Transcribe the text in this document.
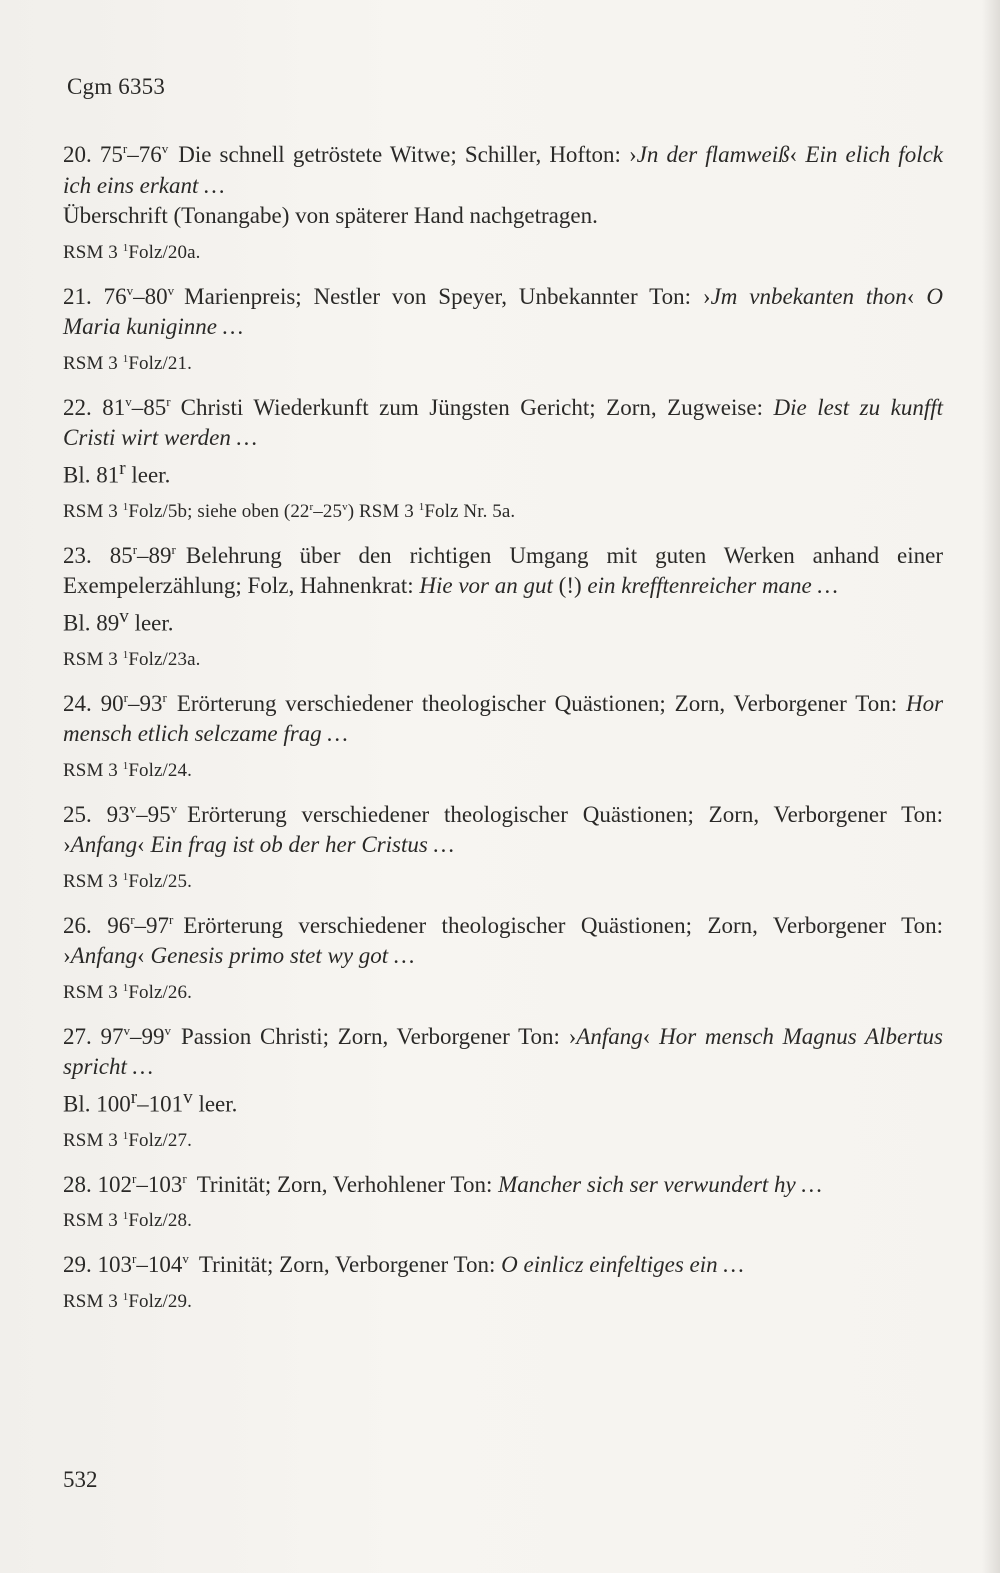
Cgm 6353
20. 75$^r$–76$^v$ Die schnell getröstete Witwe; Schiller, Hofton: ›Jn der flamweiß‹ Ein elich folck ich eins erkant …
Überschrift (Tonangabe) von späterer Hand nachgetragen.
RSM 3 $^1$Folz/20a.
21. 76$^v$–80$^v$ Marienpreis; Nestler von Speyer, Unbekannter Ton: ›Jm vnbekanten thon‹ O Maria kuniginne …
RSM 3 $^1$Folz/21.
22. 81$^v$–85$^r$ Christi Wiederkunft zum Jüngsten Gericht; Zorn, Zugweise: Die lest zu kunfft Cristi wirt werden …
Bl. 81$^r$ leer.
RSM 3 $^1$Folz/5b; siehe oben (22$^r$–25$^v$) RSM 3 $^1$Folz Nr. 5a.
23. 85$^r$–89$^r$ Belehrung über den richtigen Umgang mit guten Werken anhand einer Exempelerzählung; Folz, Hahnenkrat: Hie vor an gut (!) ein krefftenreicher mane …
Bl. 89$^v$ leer.
RSM 3 $^1$Folz/23a.
24. 90$^r$–93$^r$ Erörterung verschiedener theologischer Quästionen; Zorn, Verborgener Ton: Hor mensch etlich selczame frag …
RSM 3 $^1$Folz/24.
25. 93$^v$–95$^v$ Erörterung verschiedener theologischer Quästionen; Zorn, Verborgener Ton: ›Anfang‹ Ein frag ist ob der her Cristus …
RSM 3 $^1$Folz/25.
26. 96$^r$–97$^r$ Erörterung verschiedener theologischer Quästionen; Zorn, Verborgener Ton: ›Anfang‹ Genesis primo stet wy got …
RSM 3 $^1$Folz/26.
27. 97$^v$–99$^v$ Passion Christi; Zorn, Verborgener Ton: ›Anfang‹ Hor mensch Magnus Albertus spricht …
Bl. 100$^r$–101$^v$ leer.
RSM 3 $^1$Folz/27.
28. 102$^r$–103$^r$ Trinität; Zorn, Verhohlener Ton: Mancher sich ser verwundert hy …
RSM 3 $^1$Folz/28.
29. 103$^r$–104$^v$ Trinität; Zorn, Verborgener Ton: O einlicz einfeltiges ein …
RSM 3 $^1$Folz/29.
532
